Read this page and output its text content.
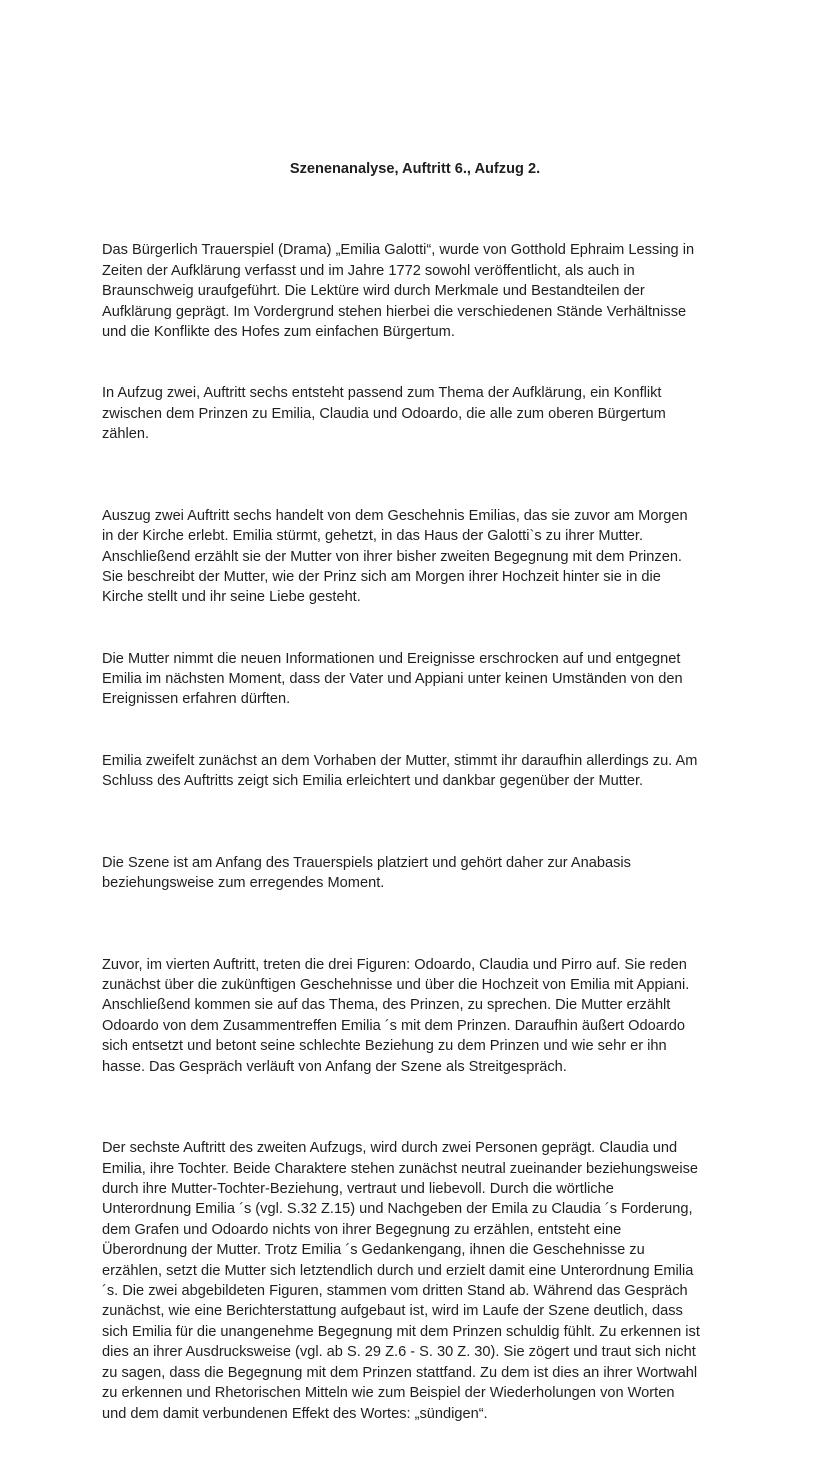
Szenenanalyse, Auftritt 6., Aufzug 2.

Das Bürgerlich Trauerspiel (Drama) „Emilia Galotti“, wurde von Gotthold Ephraim Lessing in
Zeiten der Aufklärung verfasst und im Jahre 1772 sowohl veröffentlicht, als auch in
Braunschweig uraufgeführt. Die Lektüre wird durch Merkmale und Bestandteilen der
Aufklärung geprägt. Im Vordergrund stehen hierbei die verschiedenen Stände Verhältnisse
und die Konflikte des Hofes zum einfachen Bürgertum.

In Aufzug zwei, Auftritt sechs entsteht passend zum Thema der Aufklärung, ein Konflikt
zwischen dem Prinzen zu Emilia, Claudia und Odoardo, die alle zum oberen Bürgertum
zählen.

Auszug zwei Auftritt sechs handelt von dem Geschehnis Emilias, das sie zuvor am Morgen
in der Kirche erlebt. Emilia stürmt, gehetzt, in das Haus der Galotti`s zu ihrer Mutter.
Anschließend erzählt sie der Mutter von ihrer bisher zweiten Begegnung mit dem Prinzen.
Sie beschreibt der Mutter, wie der Prinz sich am Morgen ihrer Hochzeit hinter sie in die
Kirche stellt und ihr seine Liebe gesteht.

Die Mutter nimmt die neuen Informationen und Ereignisse erschrocken auf und entgegnet
Emilia im nächsten Moment, dass der Vater und Appiani unter keinen Umständen von den
Ereignissen erfahren dürften.

Emilia zweifelt zunächst an dem Vorhaben der Mutter, stimmt ihr daraufhin allerdings zu. Am
Schluss des Auftritts zeigt sich Emilia erleichtert und dankbar gegenüber der Mutter.

Die Szene ist am Anfang des Trauerspiels platziert und gehört daher zur Anabasis
beziehungsweise zum erregendes Moment.

Zuvor, im vierten Auftritt, treten die drei Figuren: Odoardo, Claudia und Pirro auf. Sie reden
zunächst über die zukünftigen Geschehnisse und über die Hochzeit von Emilia mit Appiani.
Anschließend kommen sie auf das Thema, des Prinzen, zu sprechen. Die Mutter erzählt
Odoardo von dem Zusammentreffen Emilia ´s mit dem Prinzen. Daraufhin äußert Odoardo
sich entsetzt und betont seine schlechte Beziehung zu dem Prinzen und wie sehr er ihn
hasse. Das Gespräch verläuft von Anfang der Szene als Streitgespräch.

Der sechste Auftritt des zweiten Aufzugs, wird durch zwei Personen geprägt. Claudia und
Emilia, ihre Tochter. Beide Charaktere stehen zunächst neutral zueinander beziehungsweise
durch ihre Mutter-Tochter-Beziehung, vertraut und liebevoll. Durch die wörtliche
Unterordnung Emilia ´s (vgl. S.32 Z.15) und Nachgeben der Emila zu Claudia ´s Forderung,
dem Grafen und Odoardo nichts von ihrer Begegnung zu erzählen, entsteht eine
Überordnung der Mutter. Trotz Emilia ´s Gedankengang, ihnen die Geschehnisse zu
erzählen, setzt die Mutter sich letztendlich durch und erzielt damit eine Unterordnung Emilia
´s. Die zwei abgebildeten Figuren, stammen vom dritten Stand ab. Während das Gespräch
zunächst, wie eine Berichterstattung aufgebaut ist, wird im Laufe der Szene deutlich, dass
sich Emilia für die unangenehme Begegnung mit dem Prinzen schuldig fühlt. Zu erkennen ist
dies an ihrer Ausdrucksweise (vgl. ab S. 29 Z.6 - S. 30 Z. 30). Sie zögert und traut sich nicht
zu sagen, dass die Begegnung mit dem Prinzen stattfand. Zu dem ist dies an ihrer Wortwahl
zu erkennen und Rhetorischen Mitteln wie zum Beispiel der Wiederholungen von Worten
und dem damit verbundenen Effekt des Wortes: „sündigen“.
